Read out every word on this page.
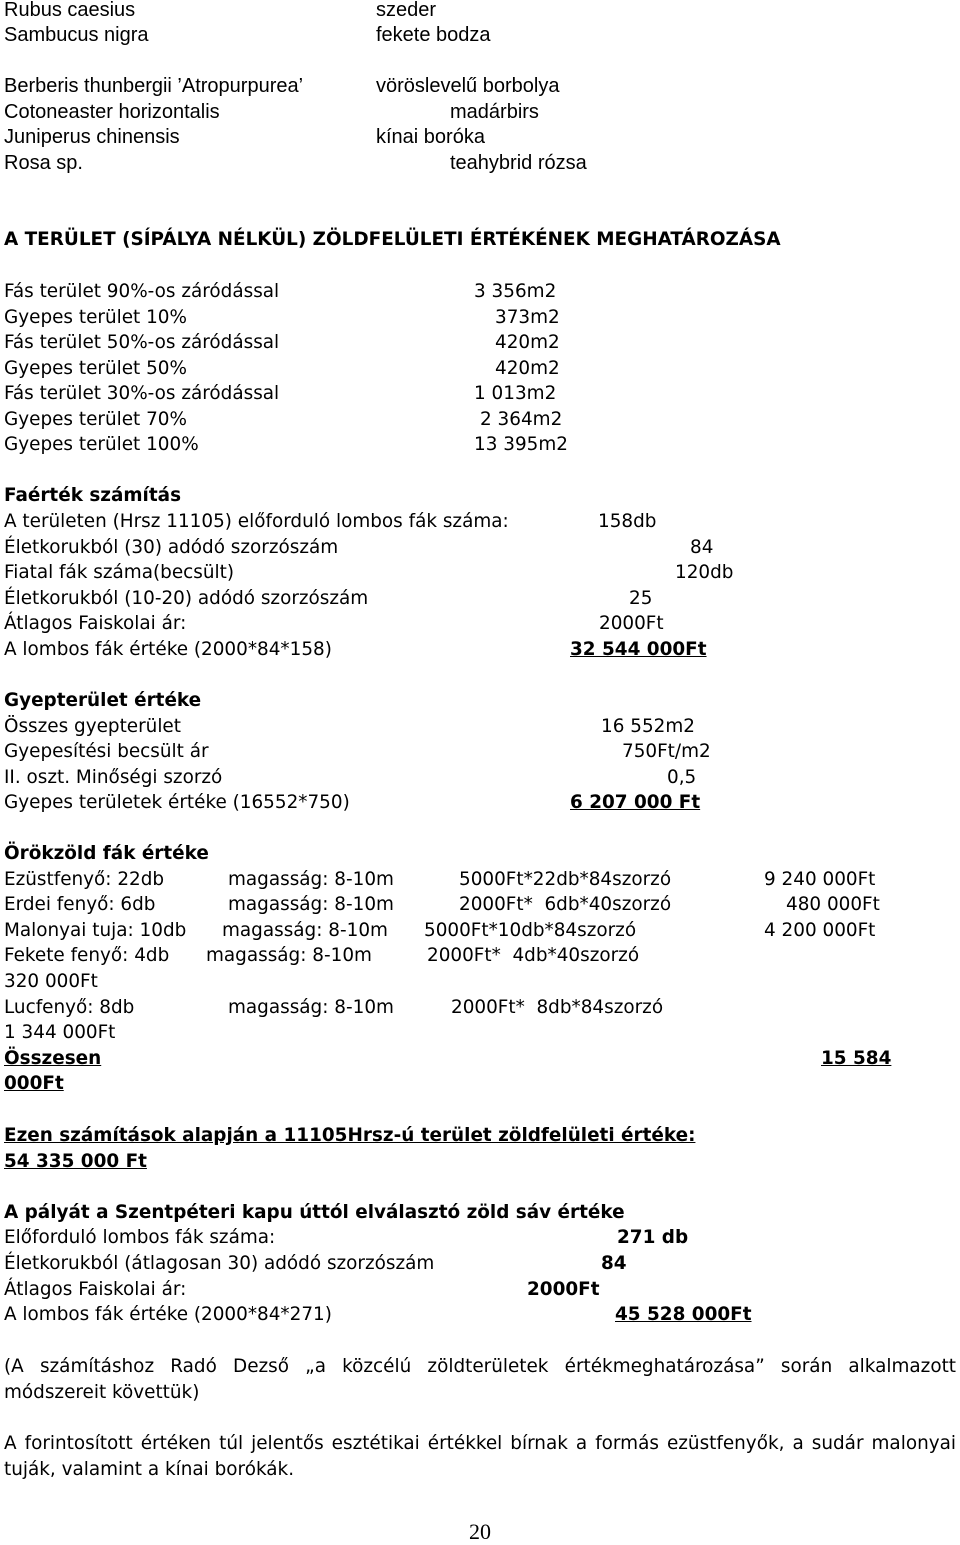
Rubus caesius	szeder
Sambucus nigra	fekete bodza
Berberis thunbergii ’Atropurpurea’	vöröslevelű borbolya
Cotoneaster horizontalis	madárbirs
Juniperus chinensis	kínai boróka
Rosa sp.	teahybrid rózsa
A TERÜLET (SÍPÁLYA NÉLKÜL) ZÖLDFELÜLETI ÉRTÉKÉNEK MEGHATÁROZÁSA
Fás terület 90%-os záródással	3 356m2
Gyepes terület 10%	373m2
Fás terület 50%-os záródással	420m2
Gyepes terület 50%	420m2
Fás terület 30%-os záródással	1 013m2
Gyepes terület 70%	2 364m2
Gyepes terület 100%	13 395m2
Faérték számítás
A területen (Hrsz 11105) előforduló lombos fák száma:	158db
Életkorukból (30) adódó szorzószám	84
Fiatal fák száma(becsült)	120db
Életkorukból (10-20) adódó szorzószám	25
Átlagos Faiskolai ár:	2000Ft
A lombos fák értéke (2000*84*158)	32 544 000Ft
Gyepterület értéke
Összes gyepterület	16 552m2
Gyepesítési becsült ár	750Ft/m2
II. oszt. Minőségi szorzó	0,5
Gyepes területek értéke (16552*750)	6 207 000 Ft
Örökzöld fák értéke
Ezüstfenyő: 22db	magasság: 8-10m	5000Ft*22db*84szorzó	9 240 000Ft
Erdei fenyő: 6db	magasság: 8-10m	2000Ft*  6db*40szorzó	480 000Ft
Malonyai tuja: 10db magasság: 8-10m 5000Ft*10db*84szorzó	4 200 000Ft
Fekete fenyő: 4db magasság: 8-10m	2000Ft*  4db*40szorzó
320 000Ft
Lucfenyő: 8db	magasság: 8-10m	2000Ft*  8db*84szorzó
1 344 000Ft
Összesen	15 584
000Ft
Ezen számítások alapján a 11105Hrsz-ú terület zöldfelületi értéke:
54 335 000 Ft
A pályát a Szentpéteri kapu úttól elválasztó zöld sáv értéke
Előforduló lombos fák száma:	271 db
Életkorukból (átlagosan 30) adódó szorzószám	84
Átlagos Faiskolai ár:	2000Ft
A lombos fák értéke (2000*84*271)	45 528 000Ft
(A számításhoz Radó Dezső „a közcélú zöldterületek értékmeghatározása” során alkalmazott módszereit követtük)
A forintosított értéken túl jelentős esztétikai értékkel bírnak a formás ezüstfenyők, a sudár malonyai tuják, valamint a kínai borókák.
20
